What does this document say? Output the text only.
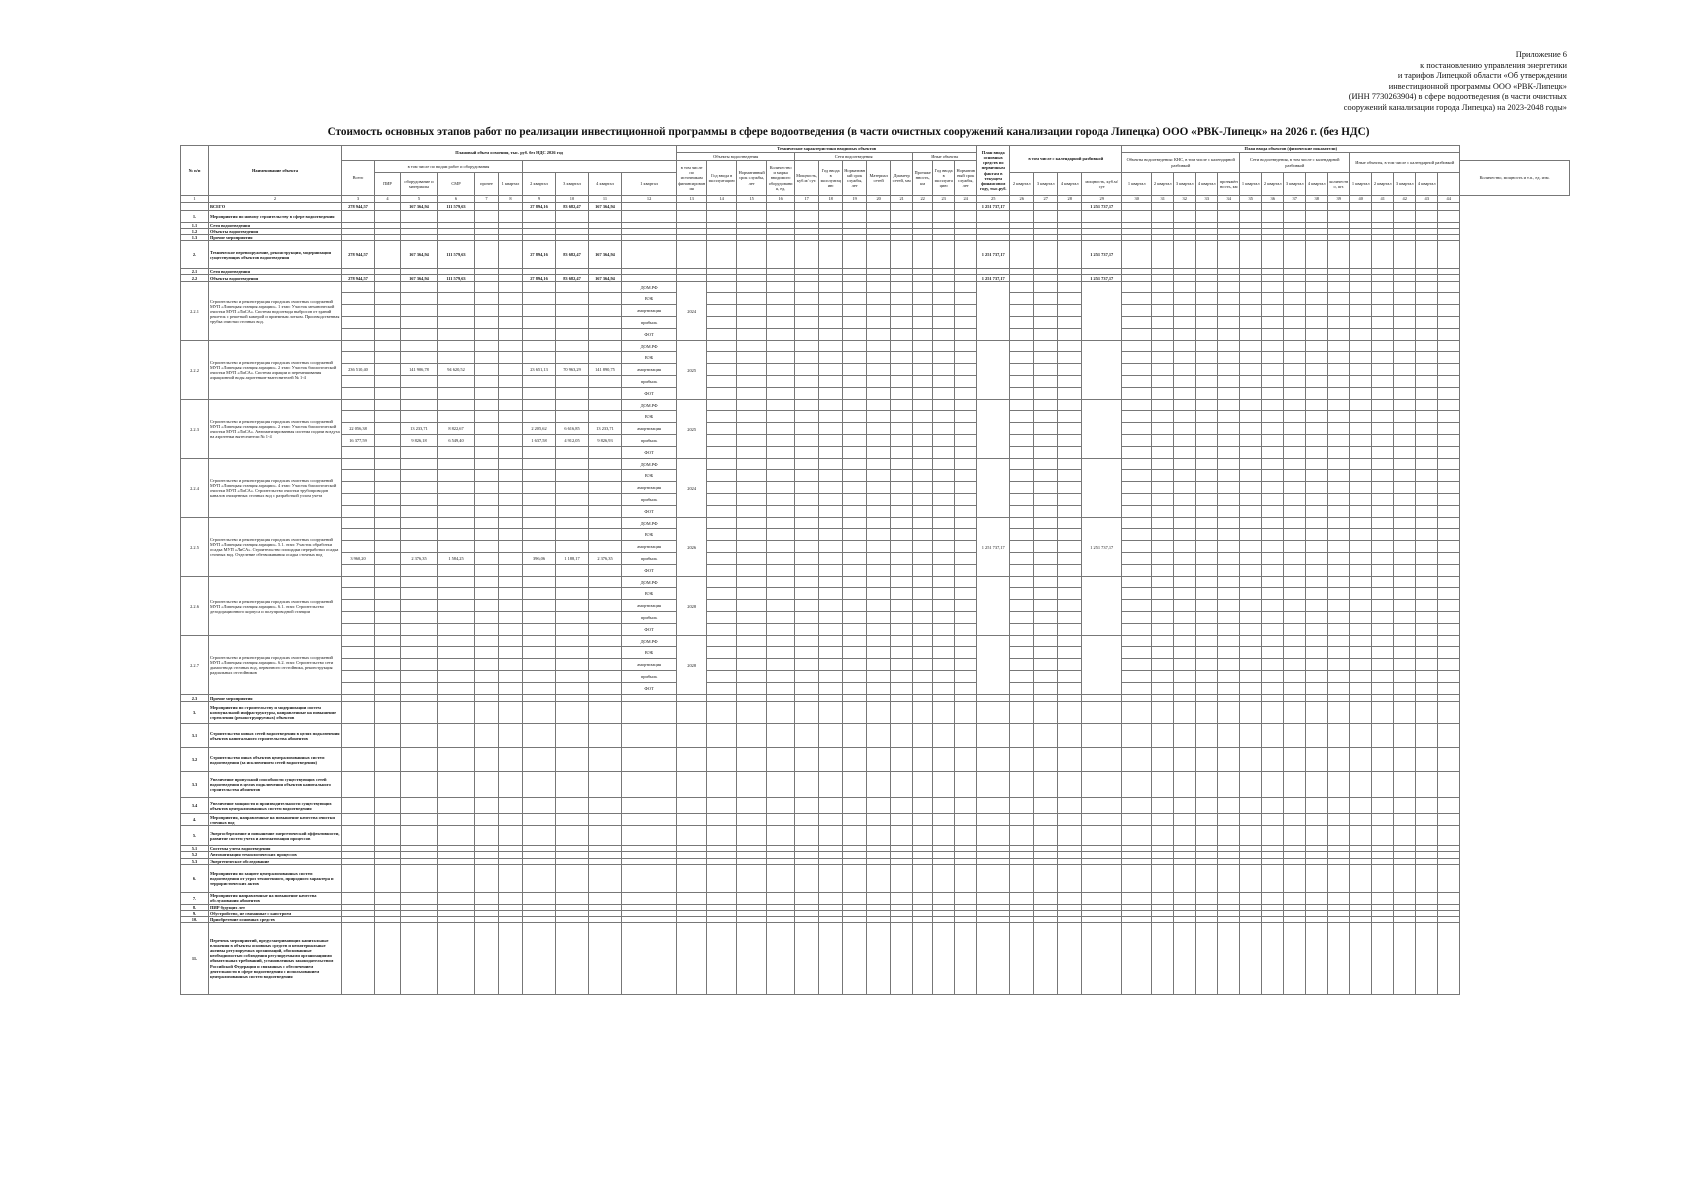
Приложение 6
к постановлению управления энергетики
и тарифов Липецкой области «Об утверждении
инвестиционной программы ООО «РВК-Липецк»
(ИНН 7730263904) в сфере водоотведения (в части очистных
сооружений канализации города Липецка) на 2023-2048 годы»
Стоимость основных этапов работ по реализации инвестиционной программы в сфере водоотведения (в части очистных сооружений канализации города Липецка) ООО «РВК-Липецк» на 2026 г. (без НДС)
№ п/п	Наименование объекта	Плановый объем освоения, тыс. руб. без НДС 2026 год										Технические характеристики вводимых объектов												План ввода основных средств по первичным фактам в текущем финансовом году, тыс.руб.	в том числе с календарной разбивкой				План ввода объектов (физические показатели)															
												Объекты водоотведения				Сети водоотведения					Иные объекты								Объекты водоотведения: КНС, в том числе с календарной разбивкой					Сети водоотведения, в том числе с календарной разбивкой					Иные объекты, в том числе с календарной разбивкой					
		Всего	в том числе по видам работ и оборудования									в том числе по источникам финансирования	Год ввода в эксплуатацию	Нормативный срок службы, лет	Количество и марка вводимого оборудования, ед.	Мощность, куб.м/ сут.	Год ввода в эксплуатацию	Нормативный срок службы, лет	Материал сетей	Диаметр сетей, мм	Протяженность, км	Год ввода в эксплуатацию	Нормативный срок службы, лет																					Количество, мощность и т.п., ед. изм.
			ПИР	оборудование и материалы	СМР	прочее	1 квартал	2 квартал	3 квартал	4 квартал	1 квартал														2 квартал	3 квартал	4 квартал	мощность, куб.м/сут	1 квартал	2 квартал	3 квартал	4 квартал	протяжённость, км	1 квартал	2 квартал	3 квартал	4 квартал	количество, шт.	1 квартал	2 квартал	3 квартал	4 квартал		
1	2	3	4	5	6	7	8	9	10	11	12	13	14	15	16	17	18	19	20	21	22	23	24	25	26	27	28	29	30	31	32	33	34	35	36	37	38	39	40	41	42	43	44	
	ВСЕГО	278 944,57		167 364,94	111 579,63			27 894,16	83 682,47	167 364,94														1 251 737,17				1 251 737,17																
1.	Мероприятия по новому строительству в сфере водоотведения																																											
1.1	Сети водоотведения																																											
1.2	Объекты водоотведения																																											
1.3	Прочие мероприятия																																											
2.	Техническое перевооружение, реконструкция, модернизация существующих объектов водоотведения	278 944,57		167 364,94	111 579,63			27 894,16	83 682,47	167 364,94														1 251 737,17				1 251 737,17																
2.1	Сети водоотведения																																											
2.2	Объекты водоотведения	278 944,57		167 364,94	111 579,63			27 894,16	83 682,47	167 364,94														1 251 737,17				1 251 737,17																
2.2.1	Строительство и реконструкция городских очистных сооружений МУП «Липецкая станция аэрации». 1 этап: Участок механической очистки МУП «ЛиСА». Система водоотвода выбросов от зданий решеток с решеткой камерой и приемным лотком. Производственная трубка очистки сточных вод.										ДОМ.РФ	2024																																
											ВЭБ																																	
											амортизация																																	
											прибыль																																	
											ФОТ																																	
2.2.2	Строительство и реконструкция городских очистных сооружений МУП «Липецкая станция аэрации». 2 этап: Участок биологической очистки МУП «ЛиСА». Система аэрации и перемешивания аэрационной воды аэротенков-вытеснителей № 1-4										ДОМ.РФ	2025																																
											ВЭБ																																	
		236 510,40		141 906,78	94 620,52			23 651,13	70 963,29	141 890,75	амортизация																																	
											прибыль																																	
											ФОТ																																	
2.2.3	Строительство и реконструкция городских очистных сооружений МУП «Липецкая станция аэрации». 2 этап: Участок биологической очистки МУП «ЛиСА». Автоматизированная система подачи воздуха на аэротенки вытеснители № 1-4										ДОМ.РФ	2025																																
											ВЭБ																																	
		22 056,38		13 233,71	8 822,67			2 205,62	6 616,85	13 233,71	амортизация																																	
		16 377,59		9 826,18	6 549,40			1 637,58	4 912,05	9 826,93	прибыль																																	
											ФОТ																																	
2.2.4	Строительство и реконструкция городских очистных сооружений МУП «Липецкая станция аэрации». 4 этап: Участок биологической очистки МУП «ЛиСА». Строительство очистки трубопроводов каналов очищенных сточных вод с разработкой узлом учета										ДОМ.РФ	2024																																
											ВЭБ																																	
											амортизация																																	
											прибыль																																	
											ФОТ																																	
2.2.5	Строительство и реконструкция городских очистных сооружений МУП «Липецкая станция аэрации». 5.1. этап: Участок обработки осадка МУП «ЛиСА». Строительство площадки переработки осадка сточных вод. Отделение обезвоживания осадка сточных вод										ДОМ.РФ	2026												1 251 737,17				1 251 737,17																
											ВЭБ																																	
											амортизация																																	
		3 960,20		2 376,35	1 584,25			396,06	1 188,17	2 376,35	прибыль																																	
											ФОТ																																	
2.2.6	Строительство и реконструкция городских очистных сооружений МУП «Липецкая станция аэрации». 6.1. этап: Строительство дезодорационного корпуса и полупроводной станции										ДОМ.РФ	2028																																
											ВЭБ																																	
											амортизация																																	
											прибыль																																	
											ФОТ																																	
2.2.7	Строительство и реконструкция городских очистных сооружений МУП «Липецкая станция аэрации». 6.2. этап: Строительство сети дымоотвода сточных вод, первичного отстойника, реконструкция радиальных отстойников										ДОМ.РФ	2028																																
											ВЭБ																																	
											амортизация																																	
											прибыль																																	
											ФОТ																																	
2.3	Прочие мероприятия																																											
3.	Мероприятия по строительству и модернизации систем коммунальной инфраструктуры, направленные на повышение стремления (реконструируемых) объектов																																											
3.1	Строительство новых сетей водоотведения в целях подключения объектов капитального строительства абонентов																																											
3.2	Строительство иных объектов централизованных систем водоотведения (за исключением сетей водоотведения)																																											
3.3	Увеличение пропускной способности существующих сетей водоотведения в целях подключения объектов капитального строительства абонентов																																											
3.4	Увеличение мощности и производительности существующих объектов централизованных систем водоотведения																																											
4.	Мероприятия, направленные на повышение качества очистки сточных вод																																											
5.	Энергосбережение и повышение энергетической эффективности, развитие систем учета и автоматизация процессов																																											
5.1	Системы учета водоотведения																																											
5.2	Автоматизация технологических процессов																																											
5.3	Энергетическое обследование																																											
6.	Мероприятия по защите централизованных систем водоотведения от угроз техногенного, природного характера и террористических актов																																											
7.	Мероприятия направленные на повышение качества обслуживания абонентов																																											
8.	ПИР будущих лет																																											
9.	Обустройство, не связанные с капстроем																																											
10.	Приобретение основных средств																																											
11.	Перечень мероприятий, предусматривающих капитальные вложения в объекты основных средств и нематериальные активы регулируемых организаций, обоснованные необходимостью соблюдения регулируемыми организациями обязательных требований, установленных законодательством Российской Федерации и связанных с обеспечением деятельности в сфере водоотведения с использованием централизованных систем водоотведения																																											
